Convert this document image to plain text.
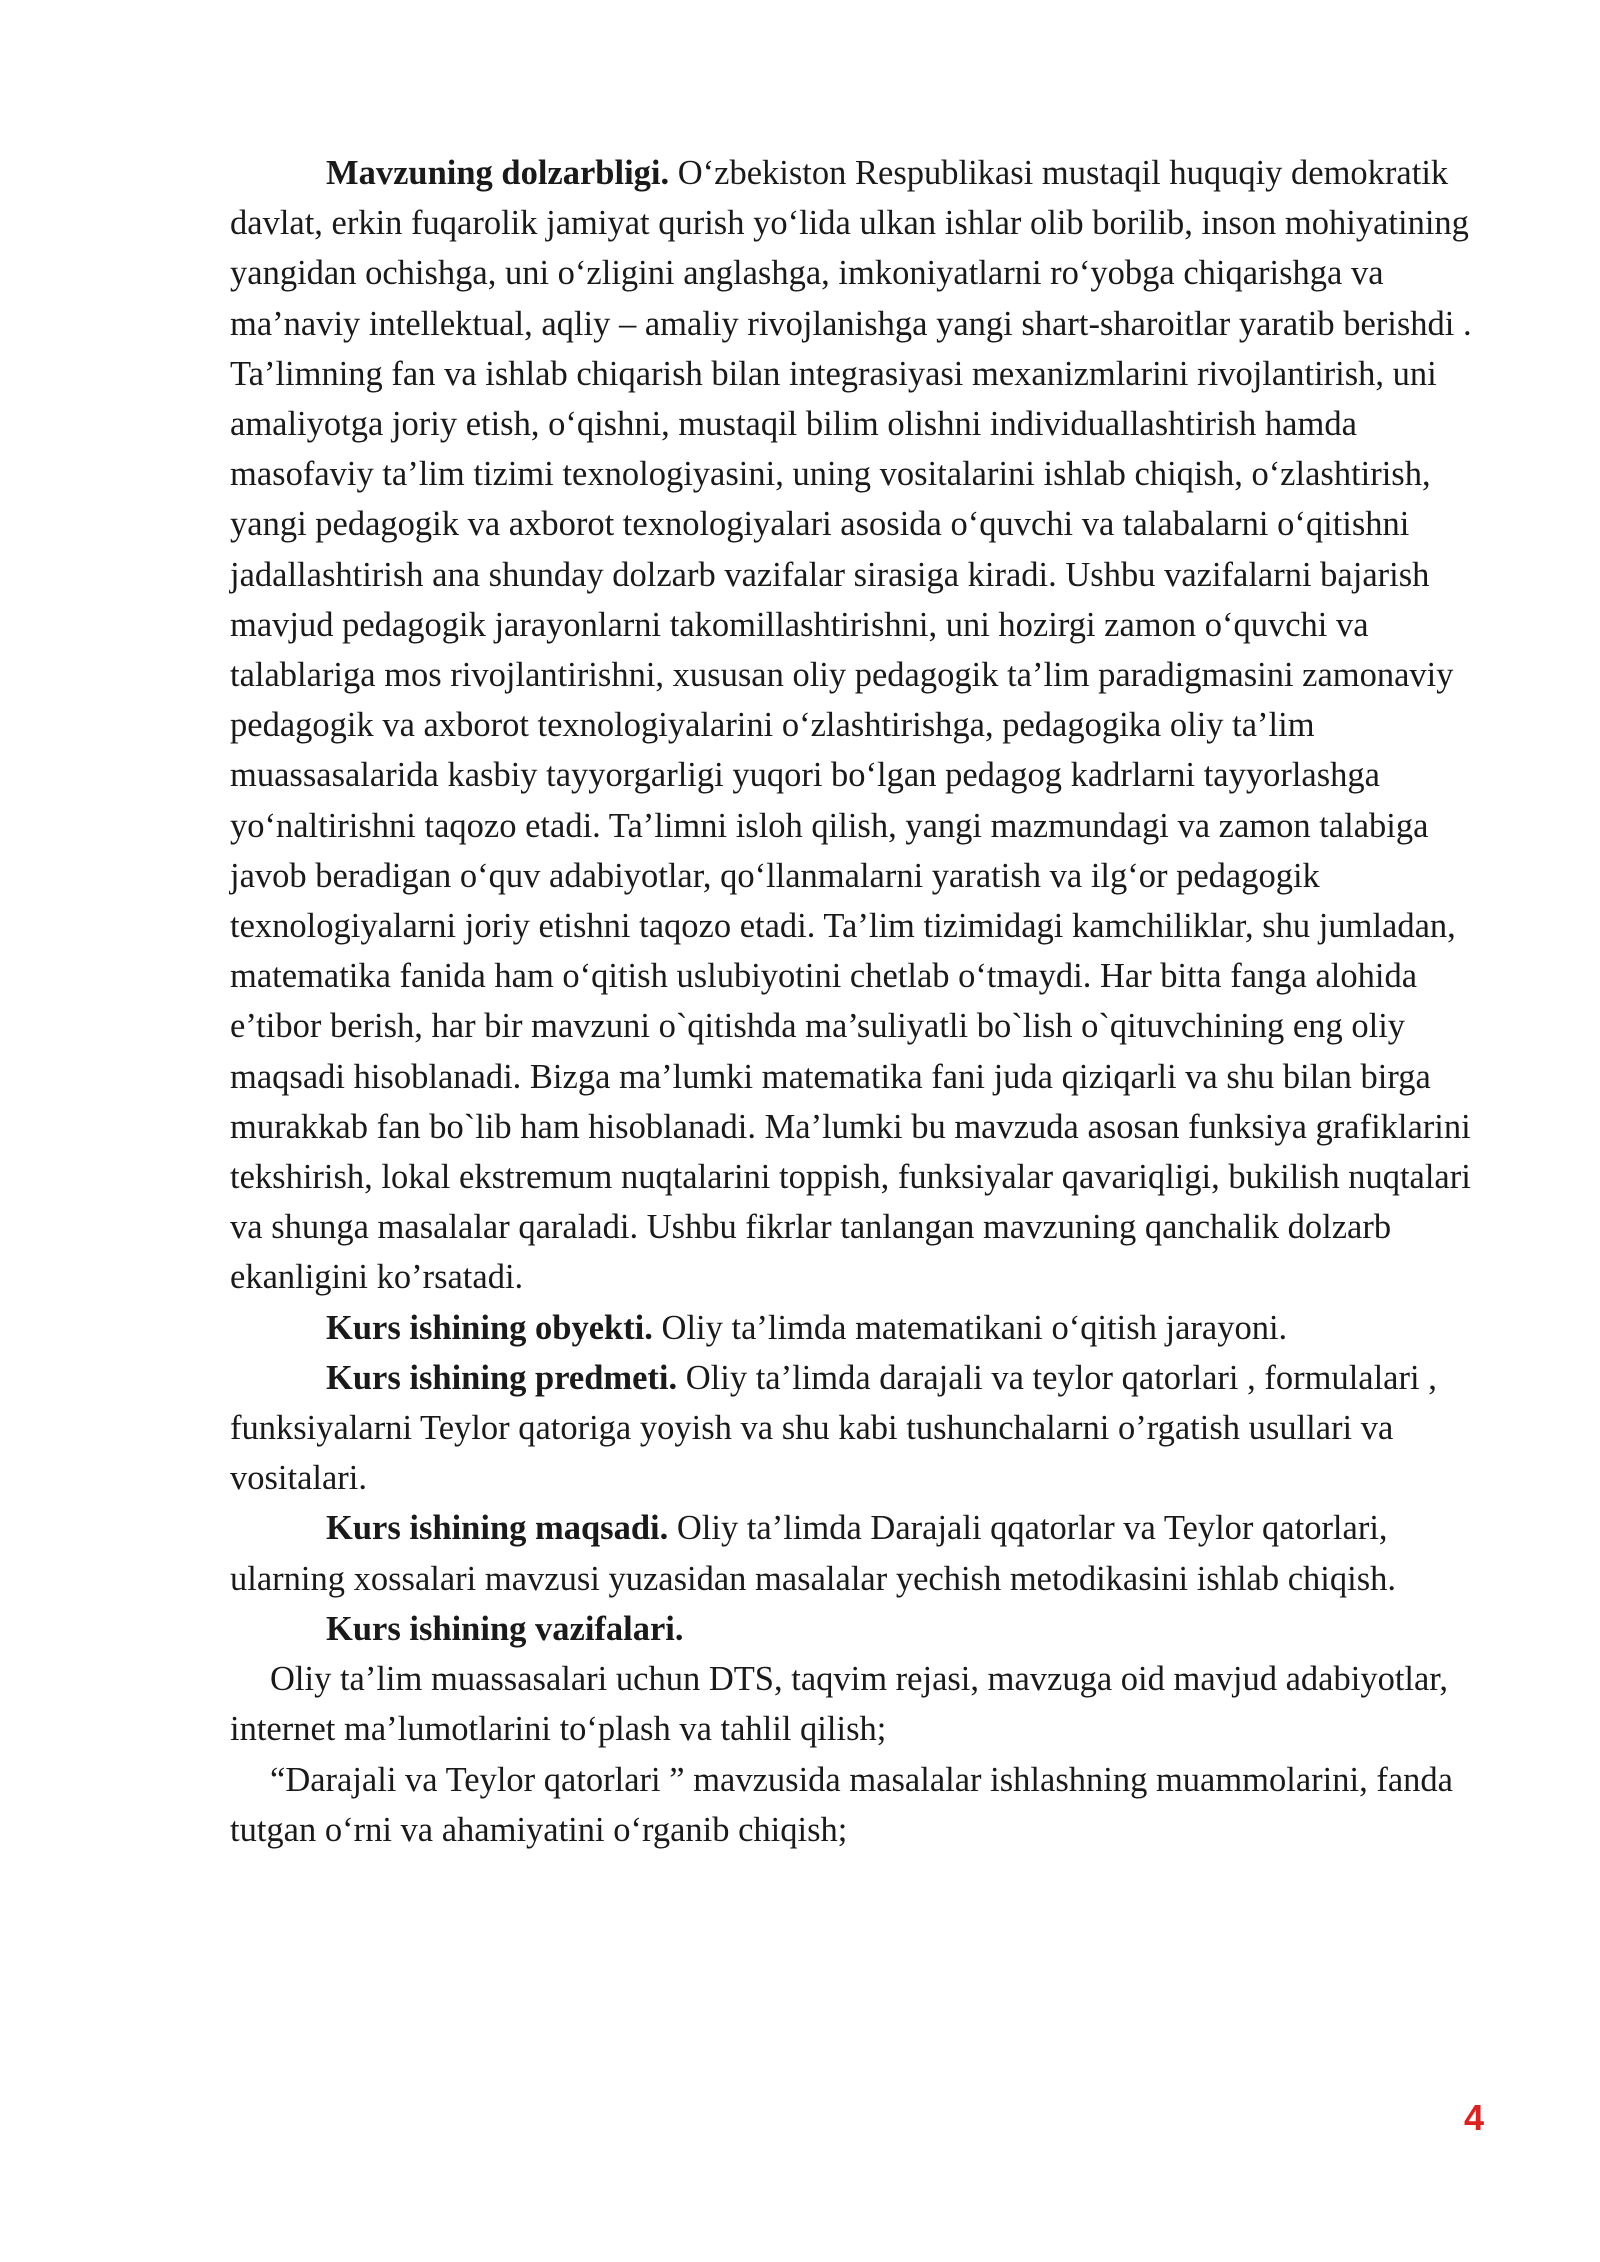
Mavzuning dolzarbligi. O‘zbekiston Respublikasi mustaqil huquqiy demokratik davlat, erkin fuqarolik jamiyat qurish yo‘lida ulkan ishlar olib borilib, inson mohiyatining yangidan ochishga, uni o‘zligini anglashga, imkoniyatlarni ro‘yobga chiqarishga va ma’naviy intellektual, aqliy – amaliy rivojlanishga yangi shart-sharoitlar yaratib berishdi . Ta’limning fan va ishlab chiqarish bilan integrasiyasi mexanizmlarini rivojlantirish, uni amaliyotga joriy etish, o‘qishni, mustaqil bilim olishni individuallashtirish hamda masofaviy ta’lim tizimi texnologiyasini, uning vositalarini ishlab chiqish, o‘zlashtirish, yangi pedagogik va axborot texnologiyalari asosida o‘quvchi va talabalarni o‘qitishni jadallashtirish ana shunday dolzarb vazifalar sirasiga kiradi. Ushbu vazifalarni bajarish mavjud pedagogik jarayonlarni takomillashtirishni, uni hozirgi zamon o‘quvchi va talablariga mos rivojlantirishni, xususan oliy pedagogik ta’lim paradigmasini zamonaviy pedagogik va axborot texnologiyalarini o‘zlashtirishga, pedagogika oliy ta’lim muassasalarida kasbiy tayyorgarligi yuqori bo‘lgan pedagog kadrlarni tayyorlashga yo‘naltirishni taqozo etadi. Ta’limni isloh qilish, yangi mazmundagi va zamon talabiga javob beradigan o‘quv adabiyotlar, qo‘llanmalarni yaratish va ilg‘or pedagogik texnologiyalarni joriy etishni taqozo etadi. Ta’lim tizimidagi kamchiliklar, shu jumladan, matematika fanida ham o‘qitish uslubiyotini chetlab o‘tmaydi. Har bitta fanga alohida e’tibor berish, har bir mavzuni o`qitishda ma’suliyatli bo`lish o`qituvchining eng oliy maqsadi hisoblanadi. Bizga ma’lumki matematika fani juda qiziqarli va shu bilan birga murakkab fan bo`lib ham hisoblanadi. Ma’lumki bu mavzuda asosan funksiya grafiklarini tekshirish, lokal ekstremum nuqtalarini toppish, funksiyalar qavariqligi, bukilish nuqtalari va shunga masalalar qaraladi. Ushbu fikrlar tanlangan mavzuning qanchalik dolzarb ekanligini ko’rsatadi.

Kurs ishining obyekti. Oliy ta’limda matematikani o‘qitish jarayoni.

Kurs ishining predmeti. Oliy ta’limda darajali va teylor qatorlari , formulalari , funksiyalarni Teylor qatoriga yoyish va shu kabi tushunchalarni o’rgatish usullari va vositalari.

Kurs ishining maqsadi. Oliy ta’limda Darajali qqatorlar va Teylor qatorlari, ularning xossalari mavzusi yuzasidan masalalar yechish metodikasini ishlab chiqish.

Kurs ishining vazifalari.

Oliy ta’lim muassasalari uchun DTS, taqvim rejasi, mavzuga oid mavjud adabiyotlar, internet ma’lumotlarini to‘plash va tahlil qilish;

“Darajali va Teylor qatorlari ” mavzusida masalalar ishlashning muammolarini, fanda tutgan o‘rni va ahamiyatini o‘rganib chiqish;

4
